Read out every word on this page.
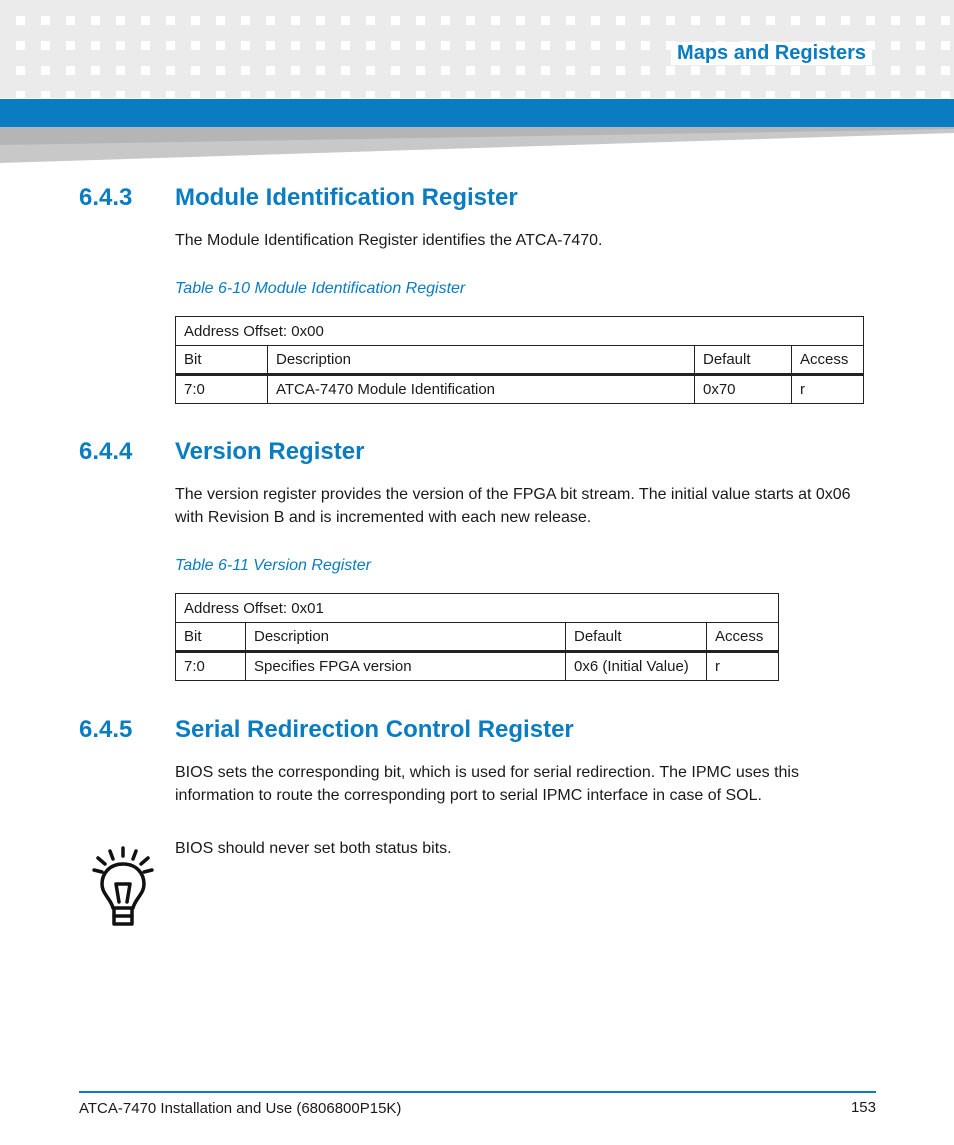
Maps and Registers
6.4.3 Module Identification Register
The Module Identification Register identifies the ATCA-7470.
Table 6-10 Module Identification Register
Address Offset: 0x00			
Bit	Description	Default	Access
7:0	ATCA-7470 Module Identification	0x70	r
6.4.4 Version Register
The version register provides the version of the FPGA bit stream. The initial value starts at 0x06
with Revision B and is incremented with each new release.
Table 6-11 Version Register
Address Offset: 0x01			
Bit	Description	Default	Access
7:0	Specifies FPGA version	0x6 (Initial Value)	r
6.4.5 Serial Redirection Control Register
BIOS sets the corresponding bit, which is used for serial redirection. The IPMC uses this
information to route the corresponding port to serial IPMC interface in case of SOL.
BIOS should never set both status bits.
ATCA-7470 Installation and Use (6806800P15K)	153
